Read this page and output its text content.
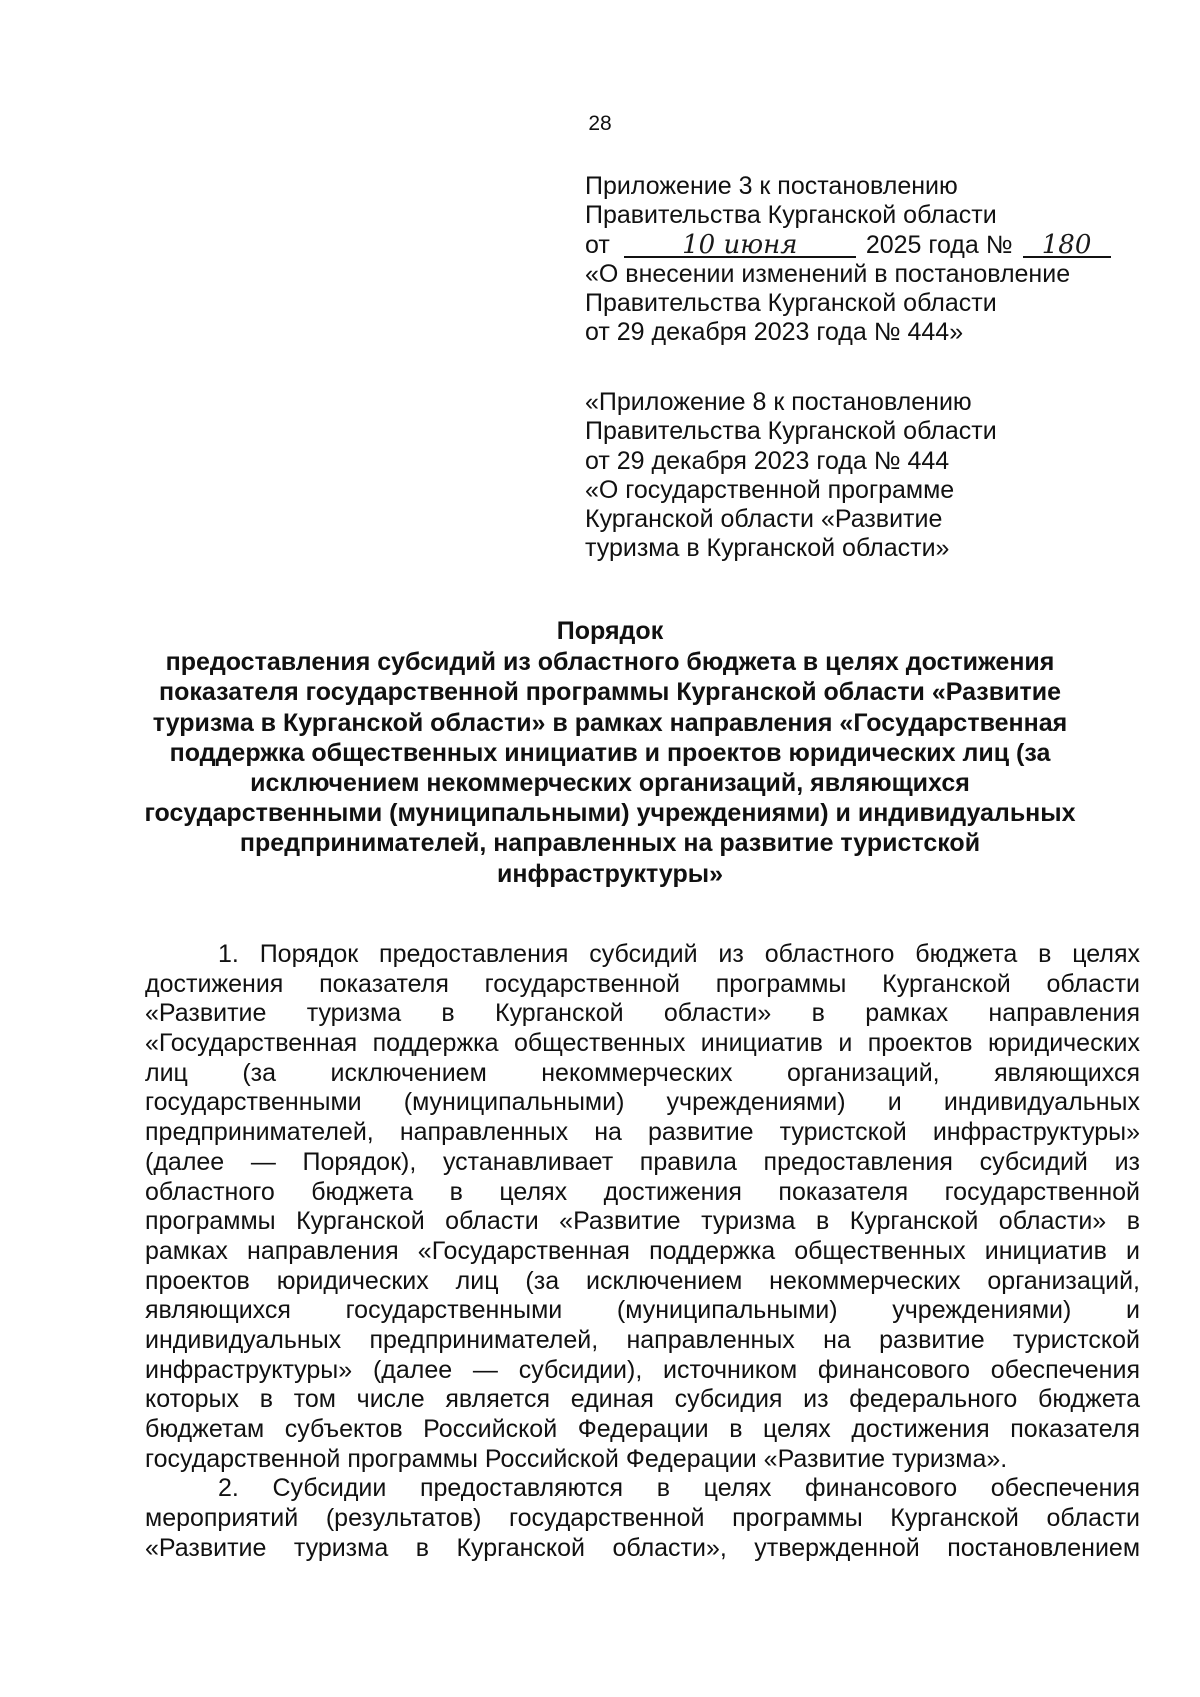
28
Приложение 3 к постановлению
Правительства Курганской области
от	10 июня	2025 года № 180
«О внесении изменений в постановление
Правительства Курганской области
от 29 декабря 2023 года № 444»
«Приложение 8 к постановлению
Правительства Курганской области
от 29 декабря 2023 года № 444
«О государственной программе
Курганской области «Развитие
туризма в Курганской области»
Порядок
предоставления субсидий из областного бюджета в целях достижения
показателя государственной программы Курганской области «Развитие
туризма в Курганской области» в рамках направления «Государственная
поддержка общественных инициатив и проектов юридических лиц (за
исключением некоммерческих организаций, являющихся
государственными (муниципальными) учреждениями) и индивидуальных
предпринимателей, направленных на развитие туристской
инфраструктуры»
1. Порядок предоставления субсидий из областного бюджета в целях
достижения показателя государственной программы Курганской области
«Развитие туризма в Курганской области» в рамках направления
«Государственная поддержка общественных инициатив и проектов юридических
лиц (за исключением некоммерческих организаций, являющихся
государственными (муниципальными) учреждениями) и индивидуальных
предпринимателей, направленных на развитие туристской инфраструктуры»
(далее — Порядок), устанавливает правила предоставления субсидий из
областного бюджета в целях достижения показателя государственной
программы Курганской области «Развитие туризма в Курганской области» в
рамках направления «Государственная поддержка общественных инициатив и
проектов юридических лиц (за исключением некоммерческих организаций,
являющихся государственными (муниципальными) учреждениями) и
индивидуальных предпринимателей, направленных на развитие туристской
инфраструктуры» (далее — субсидии), источником финансового обеспечения
которых в том числе является единая субсидия из федерального бюджета
бюджетам субъектов Российской Федерации в целях достижения показателя
государственной программы Российской Федерации «Развитие туризма».
2. Субсидии предоставляются в целях финансового обеспечения
мероприятий (результатов) государственной программы Курганской области
«Развитие туризма в Курганской области», утвержденной постановлением
